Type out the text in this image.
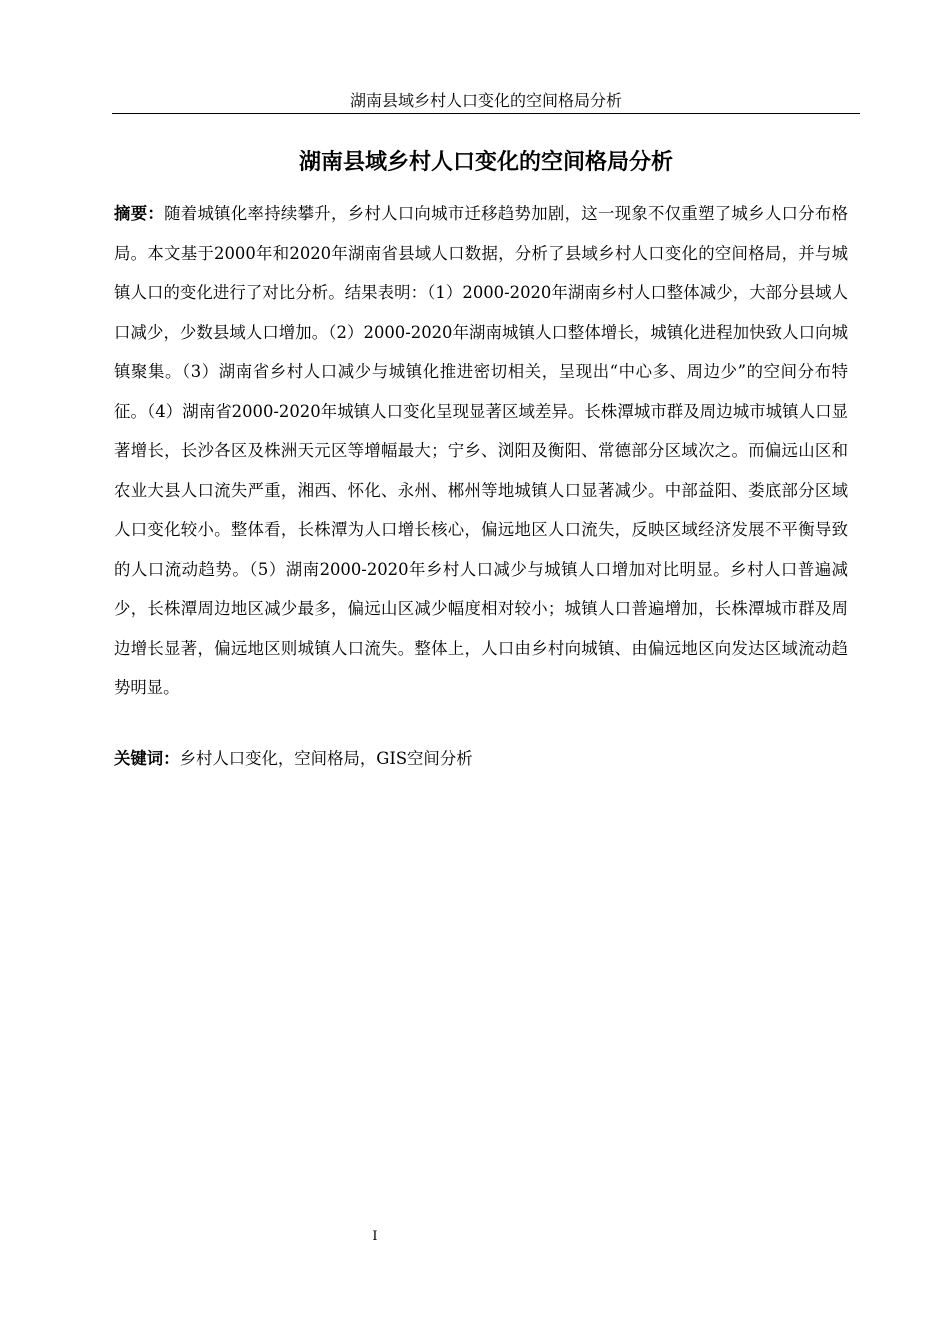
湖南县域乡村人口变化的空间格局分析
湖南县域乡村人口变化的空间格局分析

摘要：随着城镇化率持续攀升，乡村人口向城市迁移趋势加剧，这一现象不仅重塑了城乡人口分布格局。本文基于2000年和2020年湖南省县域人口数据，分析了县域乡村人口变化的空间格局，并与城镇人口的变化进行了对比分析。结果表明：（1）2000-2020年湖南乡村人口整体减少，大部分县域人口减少，少数县域人口增加。（2）2000-2020年湖南城镇人口整体增长，城镇化进程加快致人口向城镇聚集。（3）湖南省乡村人口减少与城镇化推进密切相关，呈现出“中心多、周边少”的空间分布特征。（4）湖南省2000-2020年城镇人口变化呈现显著区域差异。长株潭城市群及周边城市城镇人口显著增长，长沙各区及株洲天元区等增幅最大；宁乡、浏阳及衡阳、常德部分区域次之。而偏远山区和农业大县人口流失严重，湘西、怀化、永州、郴州等地城镇人口显著减少。中部益阳、娄底部分区域人口变化较小。整体看，长株潭为人口增长核心，偏远地区人口流失，反映区域经济发展不平衡导致的人口流动趋势。（5）湖南2000-2020年乡村人口减少与城镇人口增加对比明显。乡村人口普遍减少，长株潭周边地区减少最多，偏远山区减少幅度相对较小；城镇人口普遍增加，长株潭城市群及周边增长显著，偏远地区则城镇人口流失。整体上，人口由乡村向城镇、由偏远地区向发达区域流动趋势明显。

关键词：乡村人口变化，空间格局，GIS空间分析

I
